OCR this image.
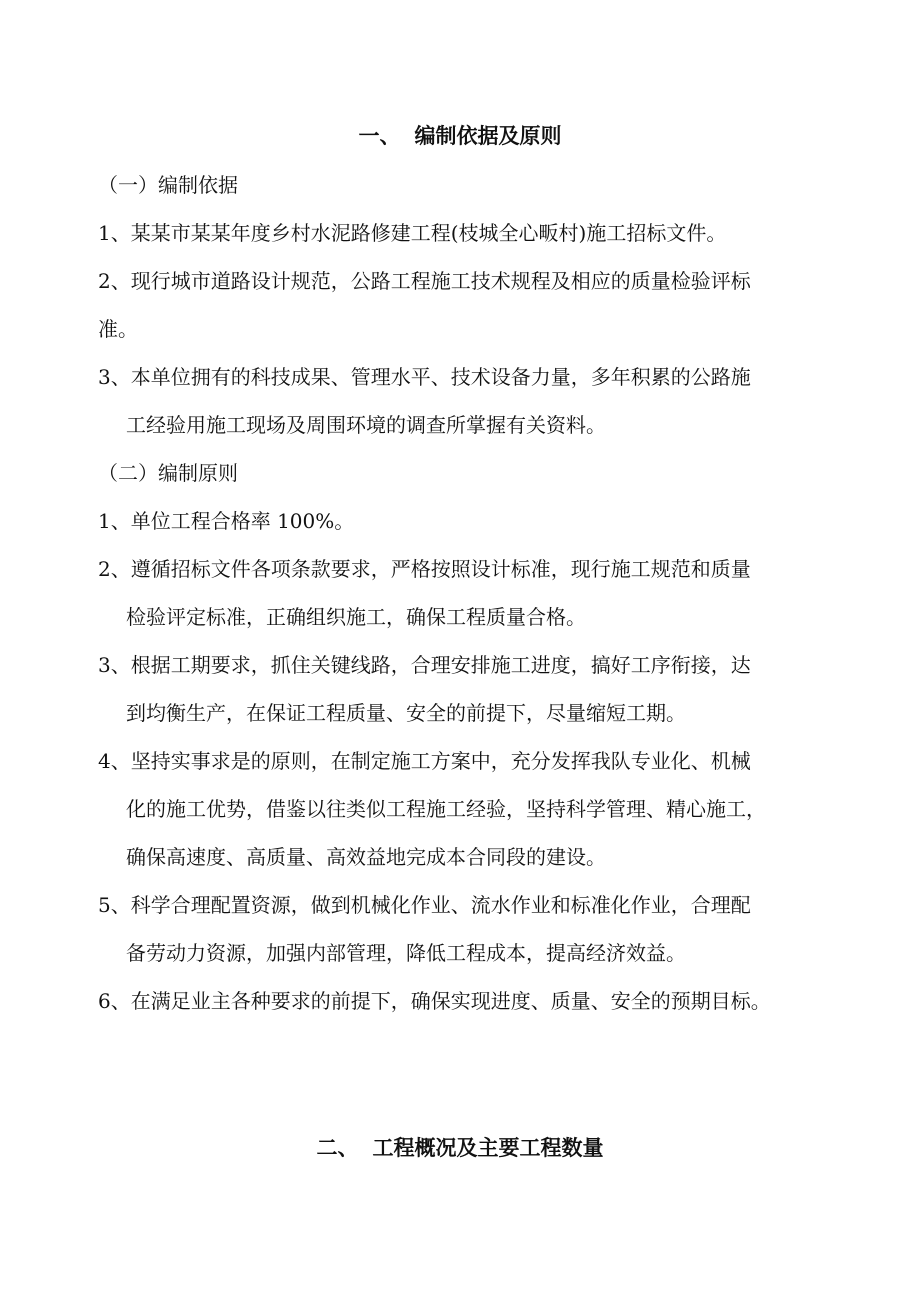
一、 编制依据及原则
（一）编制依据
1、某某市某某年度乡村水泥路修建工程(枝城全心畈村)施工招标文件。
2、现行城市道路设计规范，公路工程施工技术规程及相应的质量检验评标
准。
3、本单位拥有的科技成果、管理水平、技术设备力量，多年积累的公路施
工经验用施工现场及周围环境的调查所掌握有关资料。
（二）编制原则
1、单位工程合格率 100%。
2、遵循招标文件各项条款要求，严格按照设计标准，现行施工规范和质量
检验评定标准，正确组织施工，确保工程质量合格。
3、根据工期要求，抓住关键线路，合理安排施工进度，搞好工序衔接，达
到均衡生产，在保证工程质量、安全的前提下，尽量缩短工期。
4、坚持实事求是的原则，在制定施工方案中，充分发挥我队专业化、机械
化的施工优势，借鉴以往类似工程施工经验，坚持科学管理、精心施工，
确保高速度、高质量、高效益地完成本合同段的建设。
5、科学合理配置资源，做到机械化作业、流水作业和标准化作业，合理配
备劳动力资源，加强内部管理，降低工程成本，提高经济效益。
6、在满足业主各种要求的前提下，确保实现进度、质量、安全的预期目标。
二、 工程概况及主要工程数量
